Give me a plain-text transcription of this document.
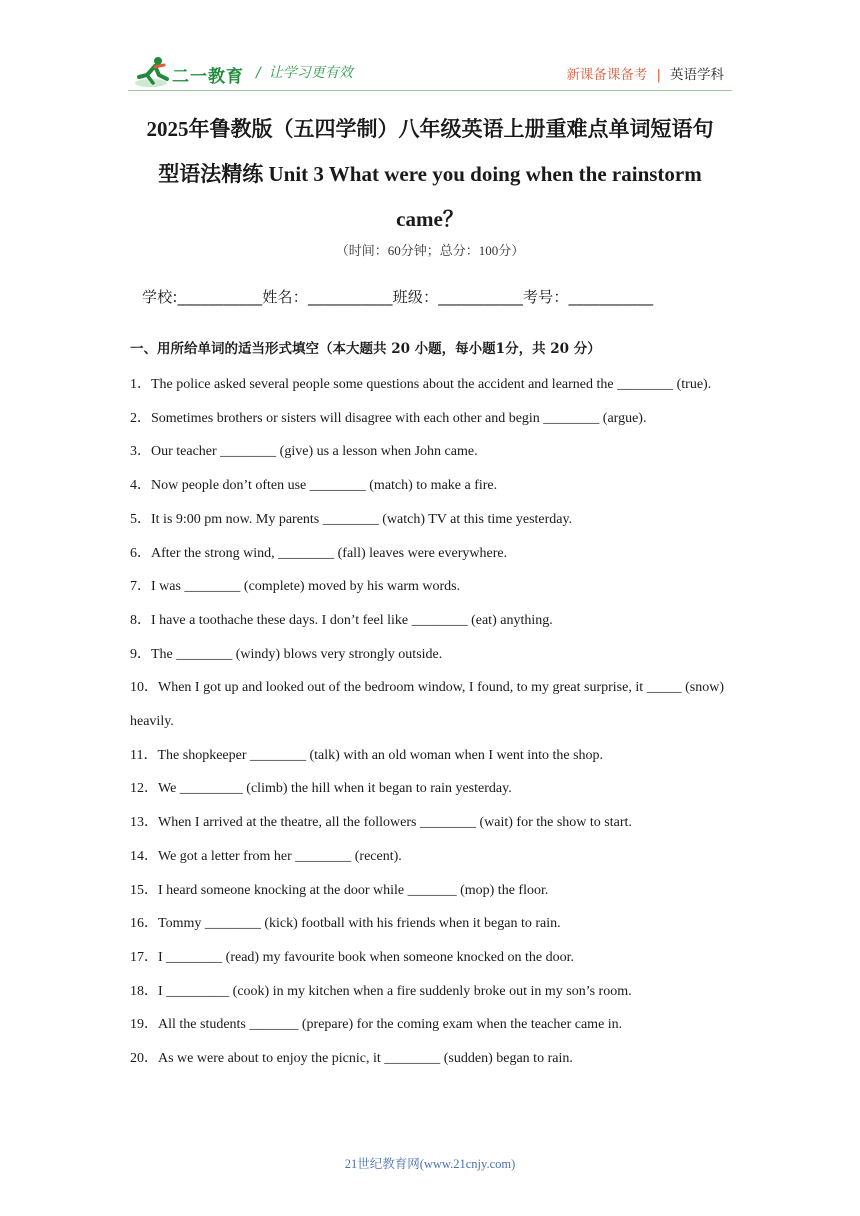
二一教育 / 让学习更有效	新课备课备考 | 英语学科
2025年鲁教版（五四学制）八年级英语上册重难点单词短语句
型语法精练 Unit 3 What were you doing when the rainstorm
came？
（时间：60分钟；总分：100分）
学校:___________姓名：___________班级：___________考号：___________
一、用所给单词的适当形式填空（本大题共 20 小题，每小题1分，共 20 分）

1．The police asked several people some questions about the accident and learned the ________ (true).

2．Sometimes brothers or sisters will disagree with each other and begin ________ (argue).

3．Our teacher ________ (give) us a lesson when John came.

4．Now people don’t often use ________ (match) to make a fire.

5．It is 9:00 pm now. My parents ________ (watch) TV at this time yesterday.

6．After the strong wind, ________ (fall) leaves were everywhere.

7．I was ________ (complete) moved by his warm words.

8．I have a toothache these days. I don’t feel like ________ (eat) anything.

9．The ________ (windy) blows very strongly outside.

10．When I got up and looked out of the bedroom window, I found, to my great surprise, it _____ (snow) heavily.

11．The shopkeeper ________ (talk) with an old woman when I went into the shop.

12．We _________ (climb) the hill when it began to rain yesterday.

13．When I arrived at the theatre, all the followers ________ (wait) for the show to start.

14．We got a letter from her ________ (recent).

15．I heard someone knocking at the door while _______ (mop) the floor.

16．Tommy ________ (kick) football with his friends when it began to rain.

17．I ________ (read) my favourite book when someone knocked on the door.

18．I _________ (cook) in my kitchen when a fire suddenly broke out in my son’s room.

19．All the students _______ (prepare) for the coming exam when the teacher came in.

20．As we were about to enjoy the picnic, it ________ (sudden) began to rain.

21世纪教育网(www.21cnjy.com)
